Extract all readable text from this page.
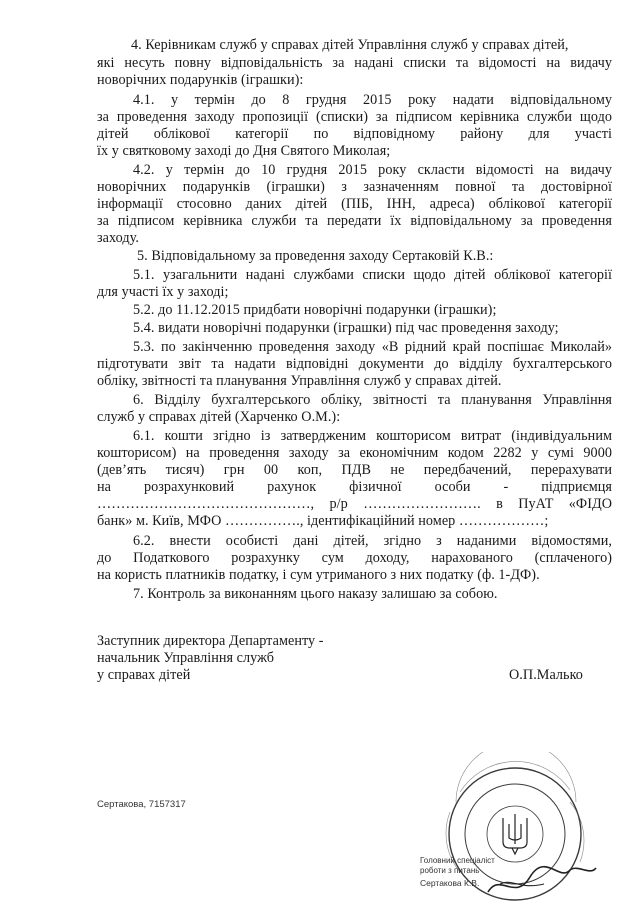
4. Керівникам служб у справах дітей Управління служб у справах дітей,
які несуть повну відповідальність за надані списки та відомості на видачу
новорічних подарунків (іграшки):
4.1. у термін до 8 грудня 2015 року надати відповідальному
за проведення заходу пропозиції (списки) за підписом керівника служби щодо
дітей облікової категорії по відповідному району для участі
їх у святковому заході до Дня Святого Миколая;
4.2. у термін до 10 грудня 2015 року скласти відомості на видачу
новорічних подарунків (іграшки) з зазначенням повної та достовірної
інформації стосовно даних дітей (ПІБ, ІНН, адреса) облікової категорії
за підписом керівника служби та передати їх відповідальному за проведення
заходу.
5. Відповідальному за проведення заходу Сертаковій К.В.:
5.1. узагальнити надані службами списки щодо дітей облікової категорії
для участі їх у заході;
5.2. до 11.12.2015 придбати новорічні подарунки (іграшки);
5.4. видати новорічні подарунки (іграшки) під час проведення заходу;
5.3. по закінченню проведення заходу «В рідний край поспішає Миколай»
підготувати звіт та надати відповідні документи до відділу бухгалтерського
обліку, звітності та планування Управління служб у справах дітей.
6. Відділу бухгалтерського обліку, звітності та планування Управління
служб у справах дітей (Харченко О.М.):
6.1. кошти згідно із затвердженим кошторисом витрат (індивідуальним
кошторисом) на проведення заходу за економічним кодом 2282 у сумі 9000
(дев’ять тисяч) грн 00 коп, ПДВ не передбачений, перерахувати
на розрахунковий рахунок фізичної особи - підприємця
………………………………………, р/р ……………………. в ПуАТ «ФІДО
банк» м. Київ, МФО ……………., ідентифікаційний номер ………………;
6.2. внести особисті дані дітей, згідно з наданими відомостями,
до Податкового розрахунку сум доходу, нарахованого (сплаченого)
на користь платників податку, і сум утриманого з них податку (ф. 1-ДФ).
7. Контроль за виконанням цього наказу залишаю за собою.
Заступник директора Департаменту -
начальник Управління служб
у справах дітей	О.П.Малько
Сертакова, 7157317
Головний спеціаліст
роботи з питань
Сертакова К.В.
